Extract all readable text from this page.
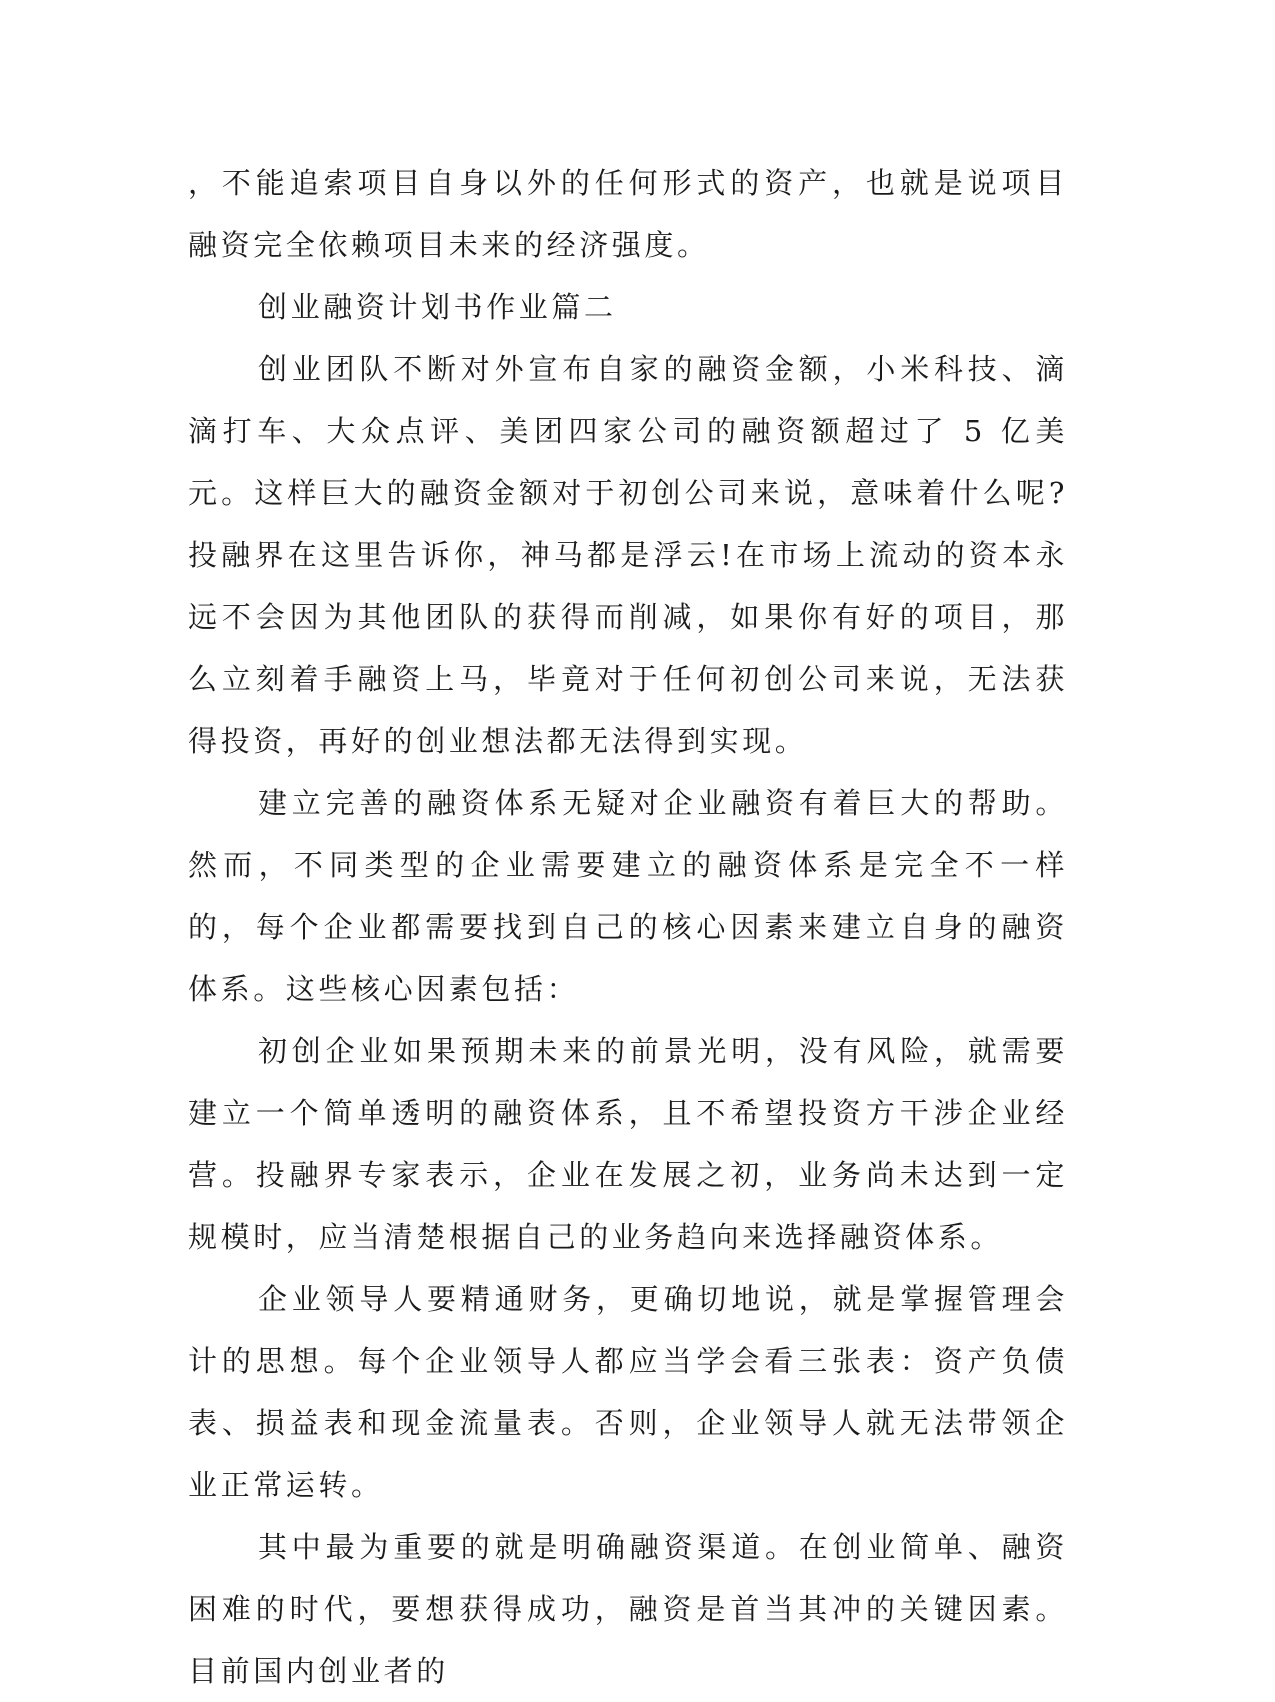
，不能追索项目自身以外的任何形式的资产，也就是说项目融资完全依赖项目未来的经济强度。

创业融资计划书作业篇二

创业团队不断对外宣布自家的融资金额，小米科技、滴滴打车、大众点评、美团四家公司的融资额超过了 5 亿美元。这样巨大的融资金额对于初创公司来说，意味着什么呢?投融界在这里告诉你，神马都是浮云!在市场上流动的资本永远不会因为其他团队的获得而削减，如果你有好的项目，那么立刻着手融资上马，毕竟对于任何初创公司来说，无法获得投资，再好的创业想法都无法得到实现。

建立完善的融资体系无疑对企业融资有着巨大的帮助。然而，不同类型的企业需要建立的融资体系是完全不一样的，每个企业都需要找到自己的核心因素来建立自身的融资体系。这些核心因素包括：

初创企业如果预期未来的前景光明，没有风险，就需要建立一个简单透明的融资体系，且不希望投资方干涉企业经营。投融界专家表示，企业在发展之初，业务尚未达到一定规模时，应当清楚根据自己的业务趋向来选择融资体系。

企业领导人要精通财务，更确切地说，就是掌握管理会计的思想。每个企业领导人都应当学会看三张表：资产负债表、损益表和现金流量表。否则，企业领导人就无法带领企业正常运转。

其中最为重要的就是明确融资渠道。在创业简单、融资困难的时代，要想获得成功，融资是首当其冲的关键因素。目前国内创业者的
